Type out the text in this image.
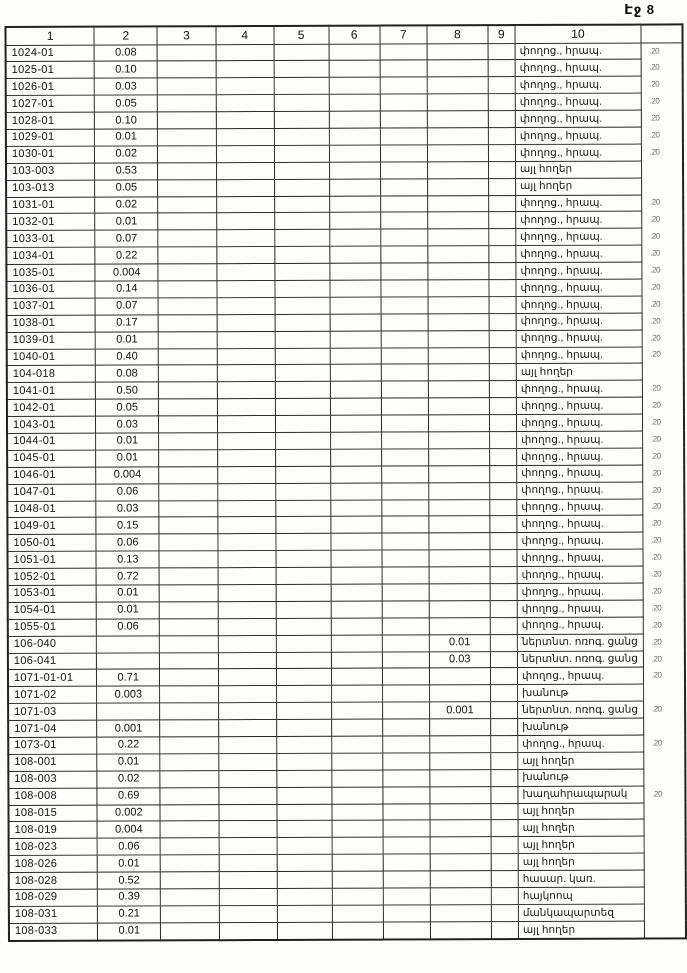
Էջ 8
1	2	3	4	5	6	7	8	9	10	
1024-01	0.08								փողոց., հրապ.	.20
1025-01	0.10								փողոց., հրապ.	.20
1026-01	0.03								փողոց., հրապ.	.20
1027-01	0.05								փողոց., հրապ.	.20
1028-01	0.10								փողոց., հրապ.	.20
1029-01	0.01								փողոց., հրապ.	.20
1030-01	0.02								փողոց., հրապ.	.20
103-003	0.53								այլ հողեր	
103-013	0.05								այլ հողեր	
1031-01	0.02								փողոց., հրապ.	.20
1032-01	0.01								փողոց., հրապ.	.20
1033-01	0.07								փողոց., հրապ.	.20
1034-01	0.22								փողոց., հրապ.	.20
1035-01	0.004								փողոց., հրապ.	.20
1036-01	0.14								փողոց., հրապ.	.20
1037-01	0.07								փողոց., հրապ.	.20
1038-01	0.17								փողոց., հրապ.	.20
1039-01	0.01								փողոց., հրապ.	.20
1040-01	0.40								փողոց., հրապ.	.20
104-018	0.08								այլ հողեր	
1041-01	0.50								փողոց., հրապ.	.20
1042-01	0.05								փողոց., հրապ.	.20
1043-01	0.03								փողոց., հրապ.	.20
1044-01	0.01								փողոց., հրապ.	.20
1045-01	0.01								փողոց., հրապ.	.20
1046-01	0.004								փողոց., հրապ.	.20
1047-01	0.06								փողոց., հրապ.	.20
1048-01	0.03								փողոց., հրապ.	.20
1049-01	0.15								փողոց., հրապ.	.20
1050-01	0.06								փողոց., հրապ.	.20
1051-01	0.13								փողոց., հրապ.	.20
1052-01	0.72								փողոց., հրապ.	.20
1053-01	0.01								փողոց., հրապ.	.20
1054-01	0.01								փողոց., հրապ.	.20
1055-01	0.06								փողոց., հրապ.	.20
106-040							0.01		ներտնտ. ոռոգ. ցանց	.20
106-041							0.03		ներտնտ. ոռոգ. ցանց	.20
1071-01-01	0.71								փողոց., հրապ.	.20
1071-02	0.003								խանութ	
1071-03							0.001		ներտնտ. ոռոգ. ցանց	.20
1071-04	0.001								խանութ	
1073-01	0.22								փողոց., հրապ.	.20
108-001	0.01								այլ հողեր	
108-003	0.02								խանութ	
108-008	0.69								խաղահրապարակ	.20
108-015	0.002								այլ հողեր	
108-019	0.004								այլ հողեր	
108-023	0.06								այլ հողեր	
108-026	0.01								այլ հողեր	
108-028	0.52								հասար. կառ.	
108-029	0.39								հայկոոպ	
108-031	0.21								մանկապարտեզ	
108-033	0.01								այլ հողեր	
